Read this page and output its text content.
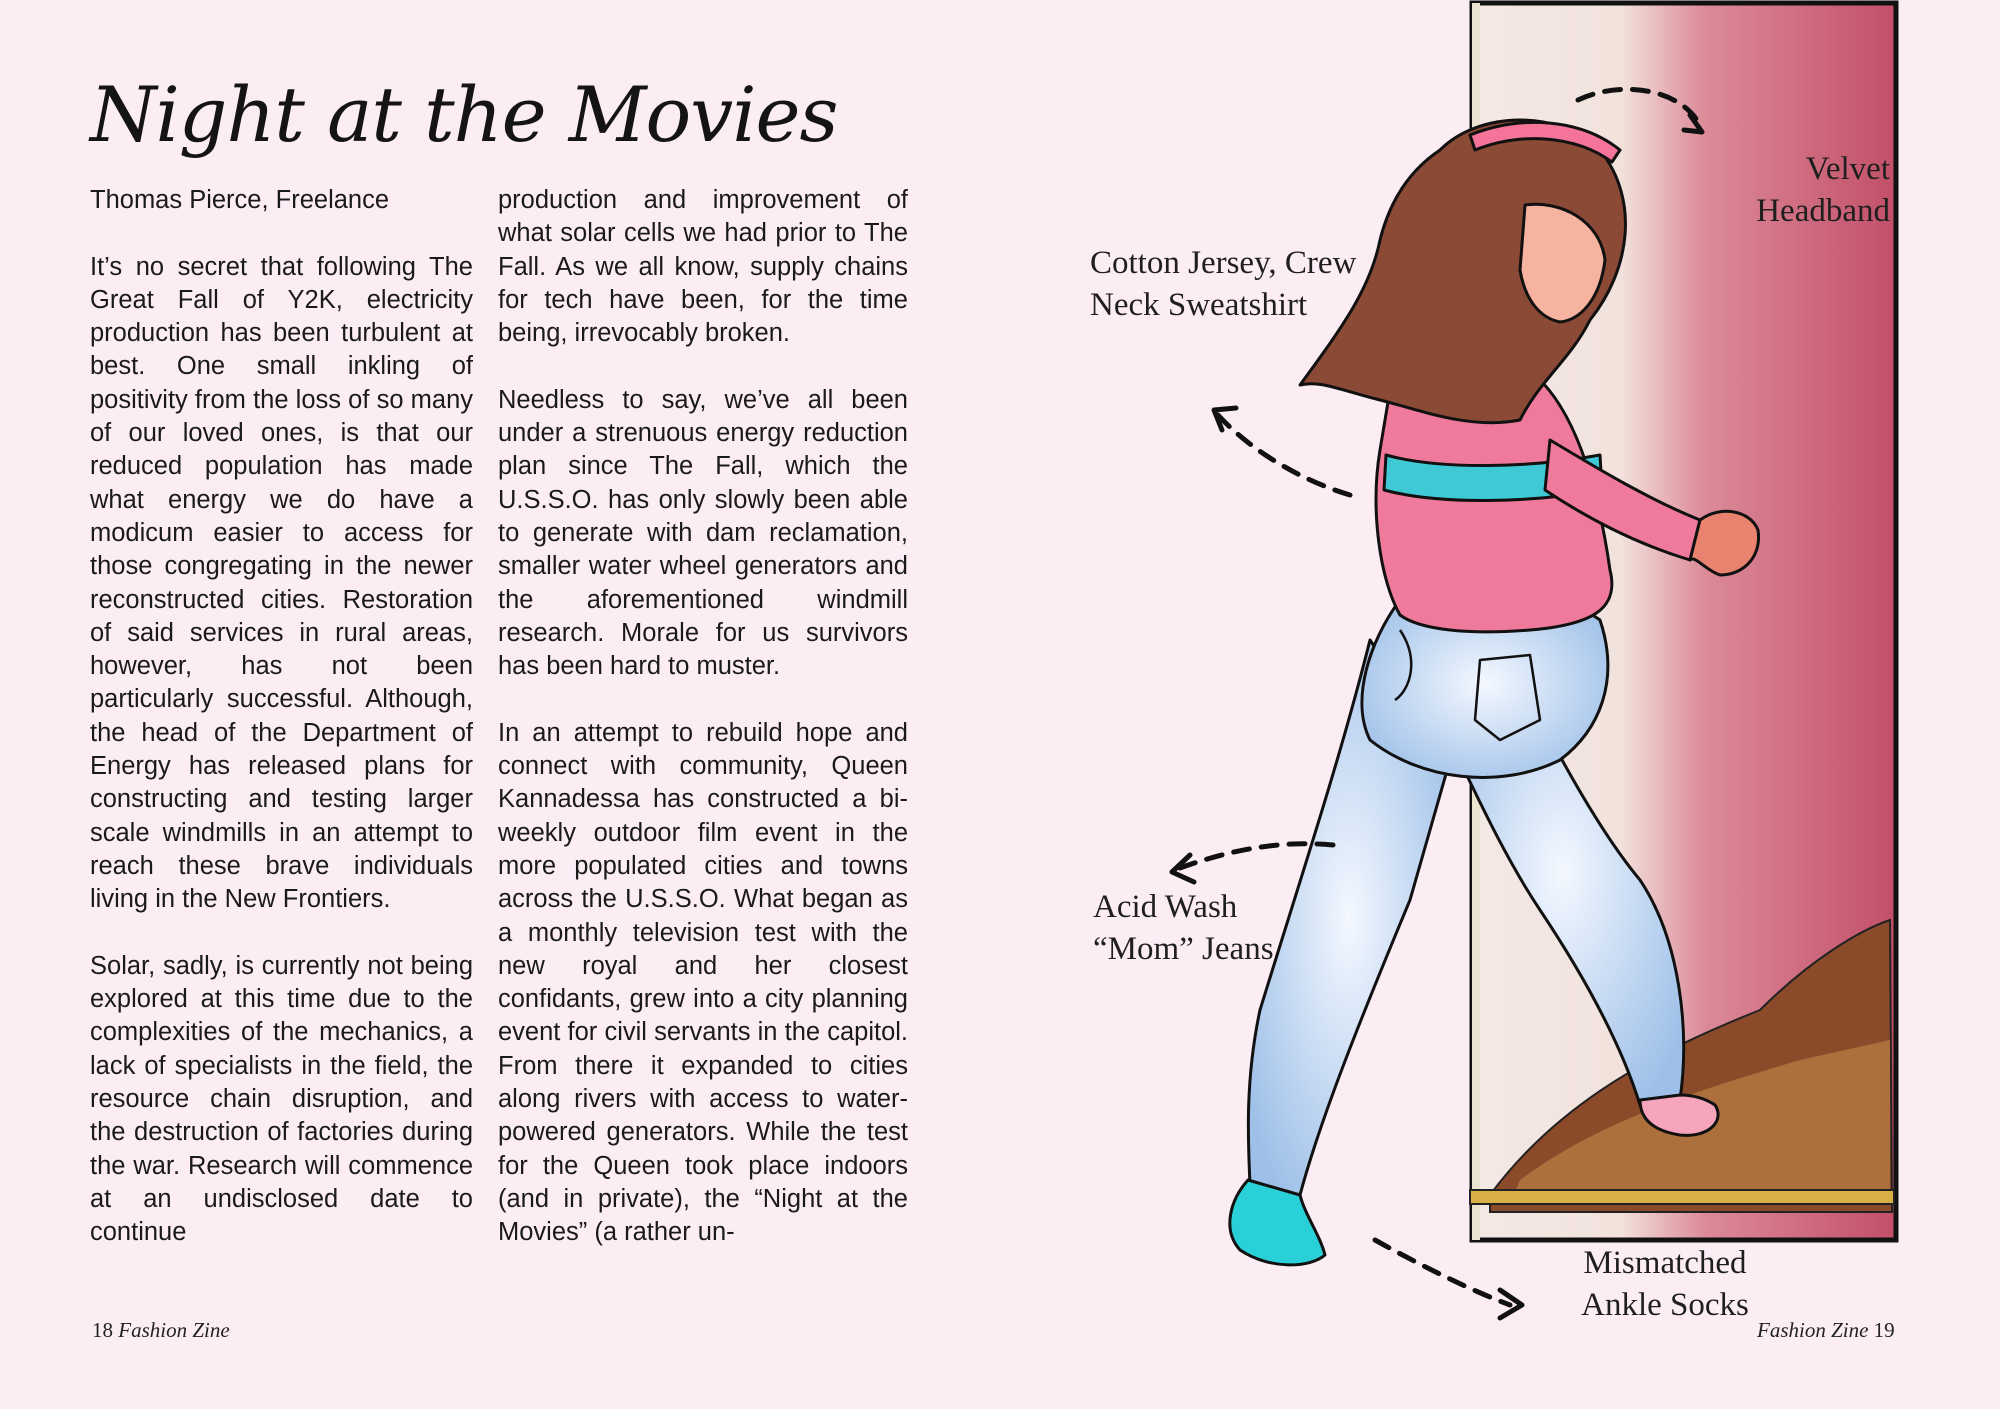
Night at the Movies

Thomas Pierce, Freelance

It’s no secret that following The Great Fall of Y2K, electricity production has been turbulent at best. One small inkling of positivity from the loss of so many of our loved ones, is that our reduced population has made what energy we do have a modicum easier to access for those congregating in the newer reconstructed cities. Restoration of said services in rural areas, however, has not been particularly successful. Although, the head of the Department of Energy has released plans for constructing and testing larger scale windmills in an attempt to reach these brave individuals living in the New Frontiers.

Solar, sadly, is currently not being explored at this time due to the complexities of the mechanics, a lack of specialists in the field, the resource chain disruption, and the destruction of factories during the war. Research will commence at an undisclosed date to continue

production and improvement of what solar cells we had prior to The Fall. As we all know, supply chains for tech have been, for the time being, irrevocably broken.

Needless to say, we’ve all been under a strenuous energy reduction plan since The Fall, which the U.S.S.O. has only slowly been able to generate with dam reclamation, smaller water wheel generators and the aforementioned windmill research. Morale for us survivors has been hard to muster.

In an attempt to rebuild hope and connect with community, Queen Kannadessa has constructed a bi-weekly outdoor film event in the more populated cities and towns across the U.S.S.O. What began as a monthly television test with the new royal and her closest confidants, grew into a city planning event for civil servants in the capitol. From there it expanded to cities along rivers with access to water-powered generators. While the test for the Queen took place indoors (and in private), the “Night at the Movies” (a rather un-

18 Fashion Zine	Fashion Zine 19
Velvet
Headband
Cotton Jersey, Crew
Neck Sweatshirt
Acid Wash
“Mom” Jeans
Mismatched
Ankle Socks
